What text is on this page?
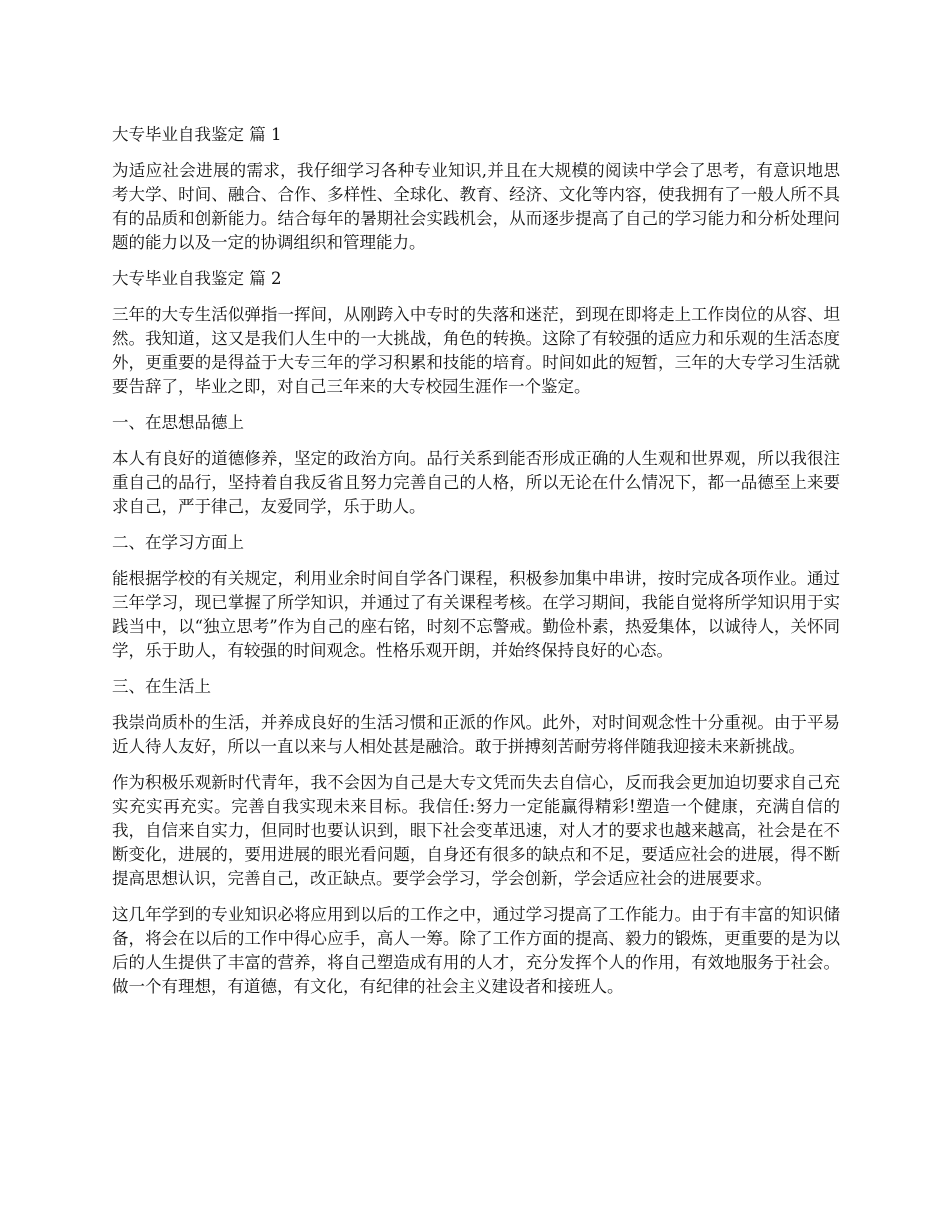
大专毕业自我鉴定 篇 1
为适应社会进展的需求，我仔细学习各种专业知识,并且在大规模的阅读中学会了思考，有意识地思考大学、时间、融合、合作、多样性、全球化、教育、经济、文化等内容，使我拥有了一般人所不具有的品质和创新能力。结合每年的暑期社会实践机会，从而逐步提高了自己的学习能力和分析处理问题的能力以及一定的协调组织和管理能力。
大专毕业自我鉴定 篇 2
三年的大专生活似弹指一挥间，从刚跨入中专时的失落和迷茫，到现在即将走上工作岗位的从容、坦然。我知道，这又是我们人生中的一大挑战，角色的转换。这除了有较强的适应力和乐观的生活态度外，更重要的是得益于大专三年的学习积累和技能的培育。时间如此的短暂，三年的大专学习生活就要告辞了，毕业之即，对自己三年来的大专校园生涯作一个鉴定。
一、在思想品德上
本人有良好的道德修养，坚定的政治方向。品行关系到能否形成正确的人生观和世界观，所以我很注重自己的品行，坚持着自我反省且努力完善自己的人格，所以无论在什么情况下，都一品德至上来要求自己，严于律己，友爱同学，乐于助人。
二、在学习方面上
能根据学校的有关规定，利用业余时间自学各门课程，积极参加集中串讲，按时完成各项作业。通过三年学习，现已掌握了所学知识，并通过了有关课程考核。在学习期间，我能自觉将所学知识用于实践当中，以“独立思考”作为自己的座右铭，时刻不忘警戒。勤俭朴素，热爱集体，以诚待人，关怀同学，乐于助人，有较强的时间观念。性格乐观开朗，并始终保持良好的心态。
三、在生活上
我崇尚质朴的生活，并养成良好的生活习惯和正派的作风。此外，对时间观念性十分重视。由于平易近人待人友好，所以一直以来与人相处甚是融洽。敢于拼搏刻苦耐劳将伴随我迎接未来新挑战。
作为积极乐观新时代青年，我不会因为自己是大专文凭而失去自信心，反而我会更加迫切要求自己充实充实再充实。完善自我实现未来目标。我信任:努力一定能赢得精彩!塑造一个健康，充满自信的我，自信来自实力，但同时也要认识到，眼下社会变革迅速，对人才的要求也越来越高，社会是在不断变化，进展的，要用进展的眼光看问题，自身还有很多的缺点和不足，要适应社会的进展，得不断提高思想认识，完善自己，改正缺点。要学会学习，学会创新，学会适应社会的进展要求。
这几年学到的专业知识必将应用到以后的工作之中，通过学习提高了工作能力。由于有丰富的知识储备，将会在以后的工作中得心应手，高人一筹。除了工作方面的提高、毅力的锻炼，更重要的是为以后的人生提供了丰富的营养，将自己塑造成有用的人才，充分发挥个人的作用，有效地服务于社会。做一个有理想，有道德，有文化，有纪律的社会主义建设者和接班人。
